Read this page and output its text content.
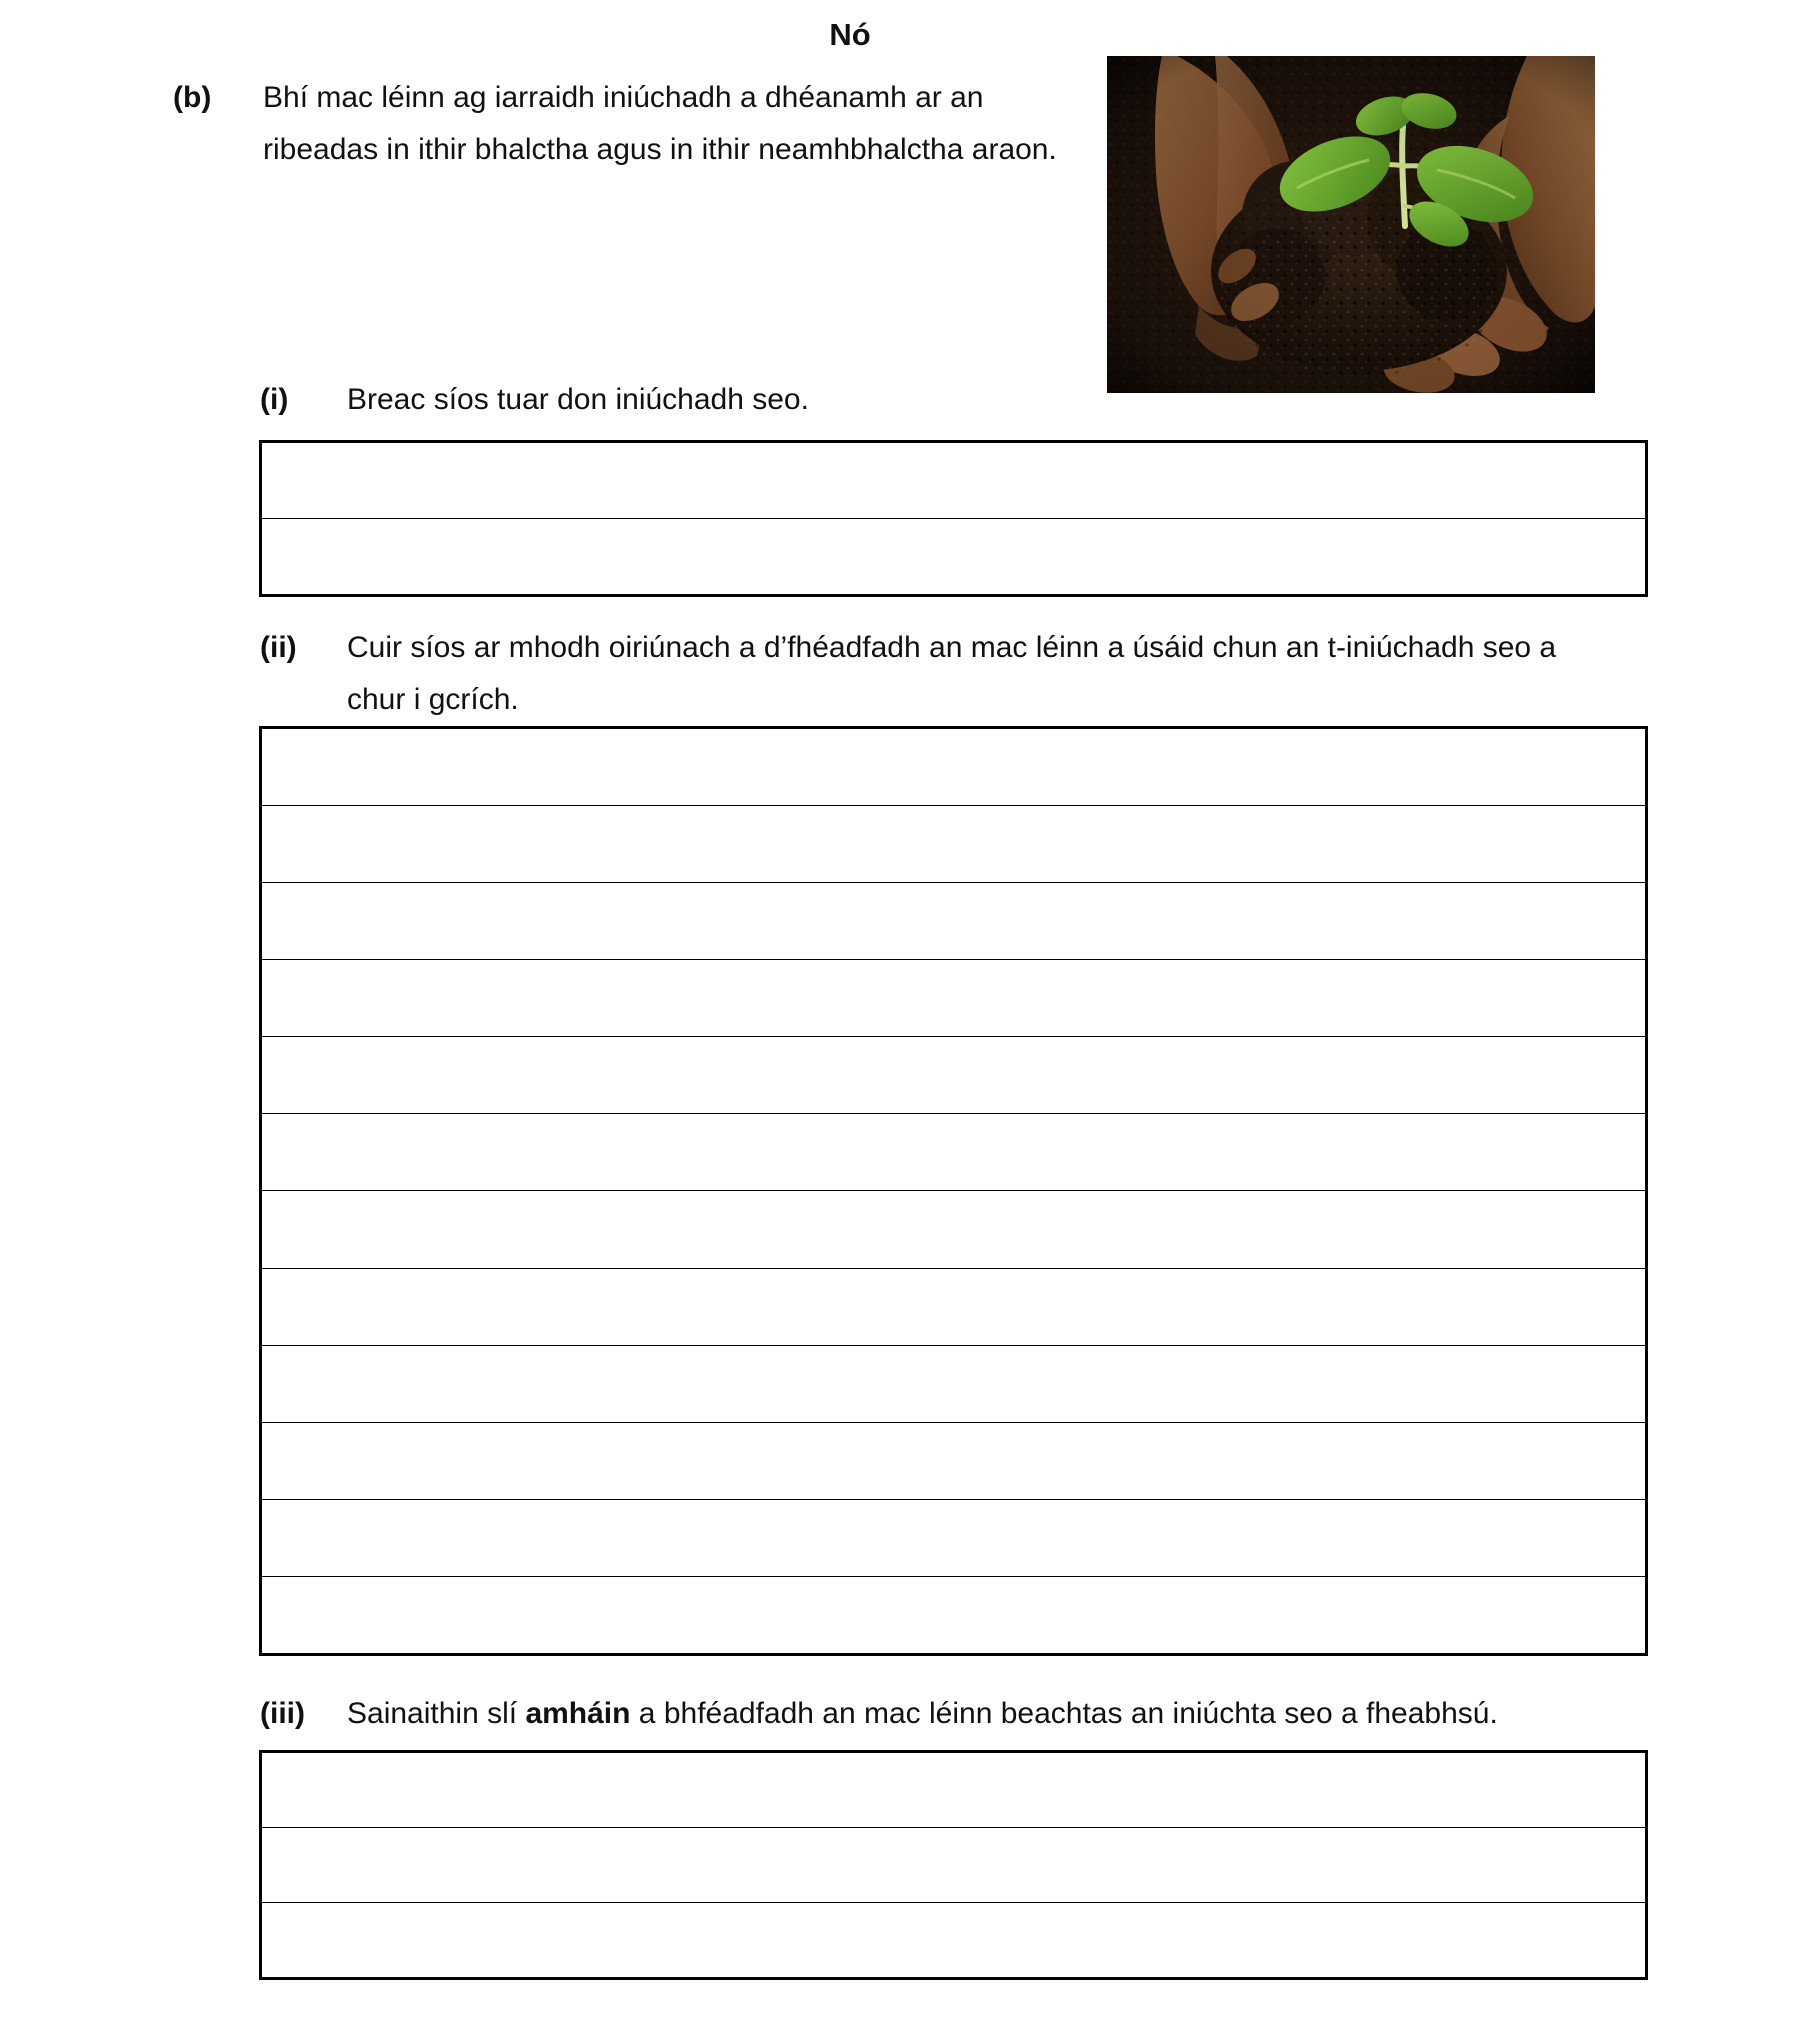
Nó
(b) Bhí mac léinn ag iarraidh iniúchadh a dhéanamh ar an ribeadas in ithir bhalctha agus in ithir neamhbhalctha araon.
(i) Breac síos tuar don iniúchadh seo.
(ii) Cuir síos ar mhodh oiriúnach a d’fhéadfadh an mac léinn a úsáid chun an t-iniúchadh seo a chur i gcrích.
(iii) Sainaithin slí amháin a bhféadfadh an mac léinn beachtas an iniúchta seo a fheabhsú.
